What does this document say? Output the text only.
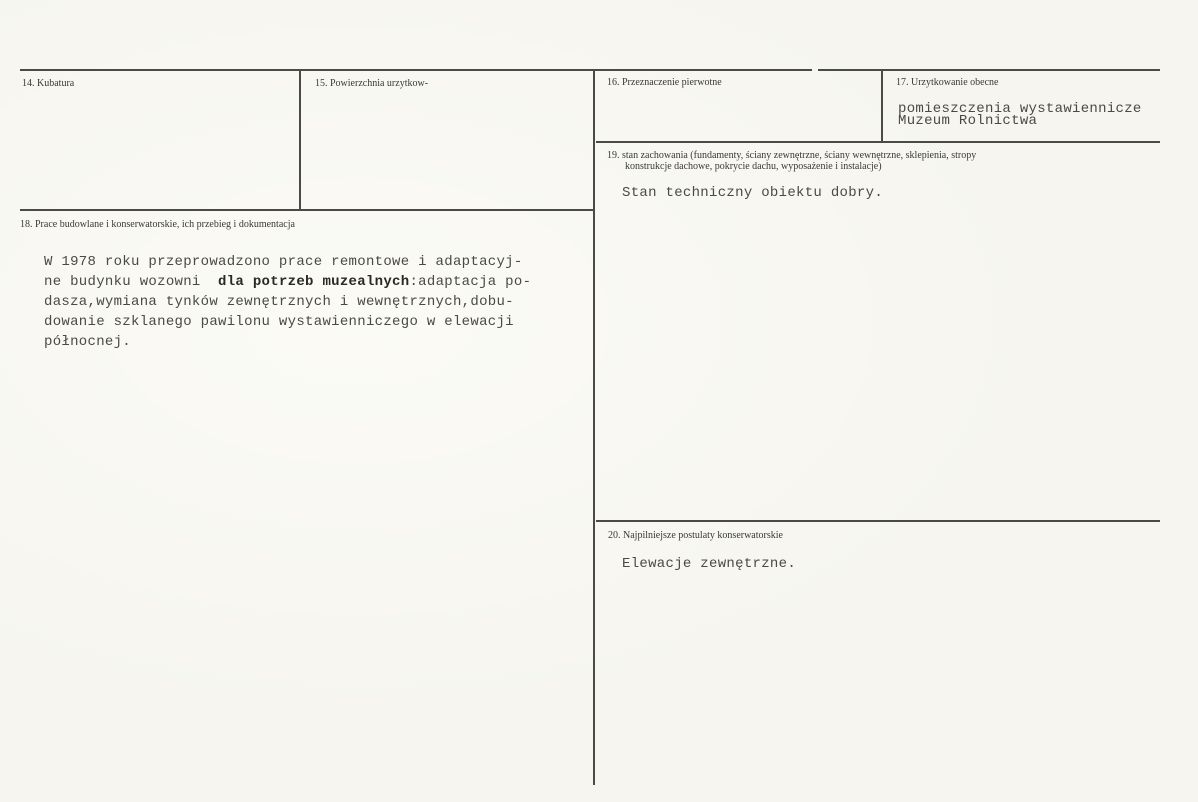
14. Kubatura	15. Powierzchnia urzytkow-	16. Przeznaczenie pierwotne	17. Urzytkowanie obecne
pomieszczenia wystawiennicze
Muzeum Rolnictwa
18. Prace budowlane i konserwatorskie, ich przebieg i dokumentacja
W 1978 roku przeprowadzono prace remontowe i adaptacyj-
ne budynku wozowni  dla potrzeb muzealnych:adaptacja po-
dasza,wymiana tynków zewnętrznych i wewnętrznych,dobu-
dowanie szklanego pawilonu wystawienniczego w elewacji
północnej.
19. stan zachowania (fundamenty, ściany zewnętrzne, ściany wewnętrzne, sklepienia, stropy
konstrukcje dachowe, pokrycie dachu, wyposażenie i instalacje)
Stan techniczny obiektu dobry.
20. Najpilniejsze postulaty konserwatorskie
Elewacje zewnętrzne.
